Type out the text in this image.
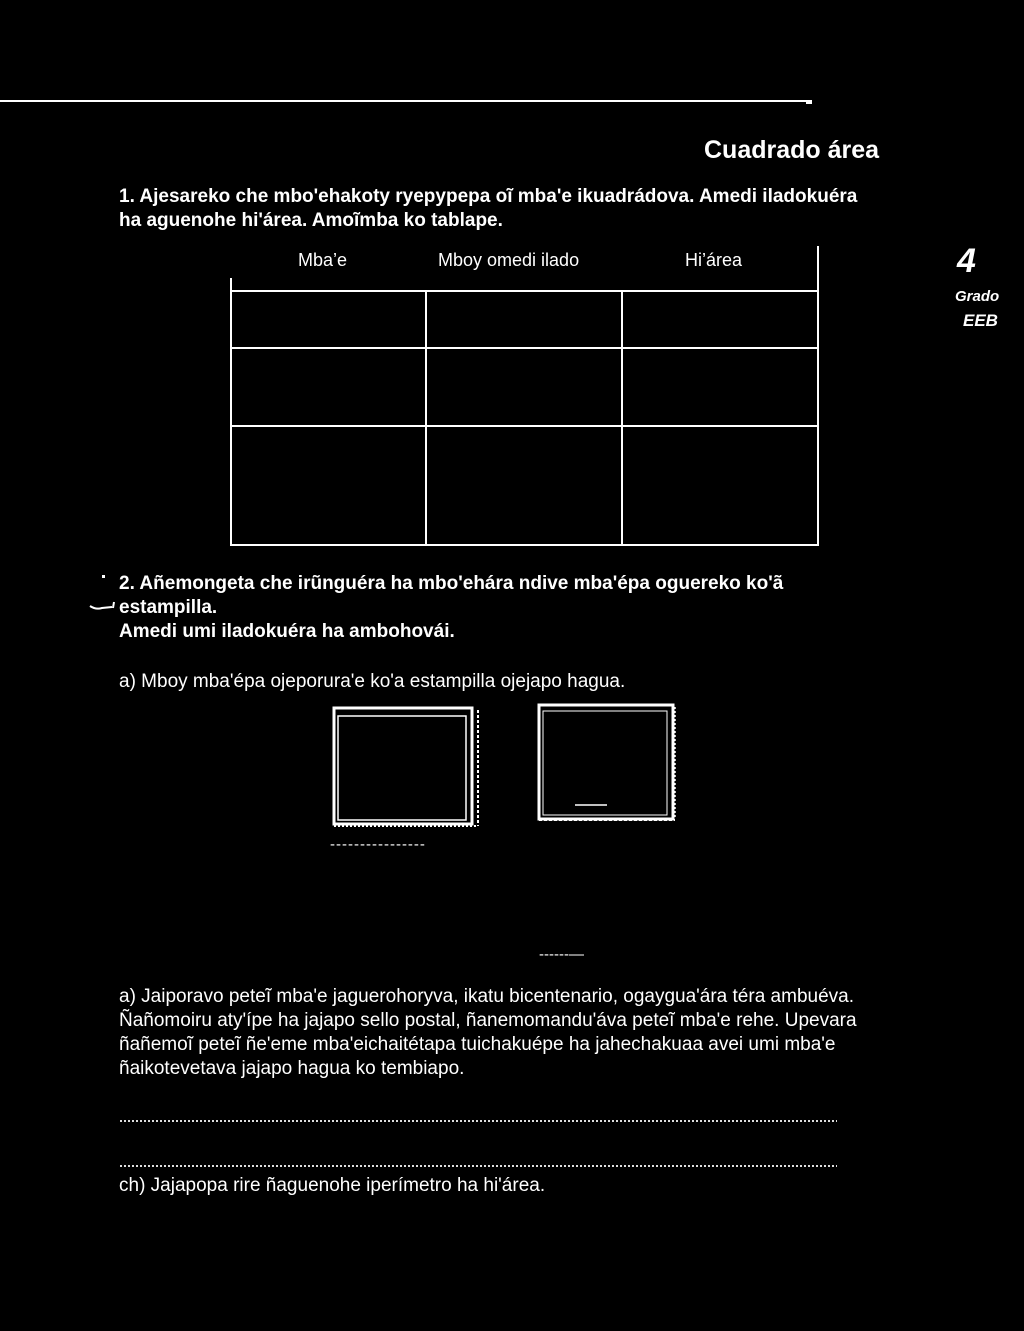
Cuadrado área
1. Ajesareko che mbo'ehakoty ryepypepa oĩ mba'e ikuadrádova. Amedi iladokuéra ha aguenohe hi'área. Amoĩmba ko tablape.
4
Grado
EEB
Mba’e	Mboy omedi ilado	Hi’área
2. Añemongeta che irũnguéra ha mbo'ehára ndive mba'épa oguereko ko'ã
estampilla.
Amedi umi iladokuéra ha ambohovái.
a) Mboy mba'épa ojeporura'e ko'a estampilla ojejapo hagua.
----------------
------—
a) Jaiporavo peteĩ mba'e jaguerohoryva, ikatu bicentenario, ogaygua'ára téra ambuéva. Ñañomoiru aty'ípe ha jajapo sello postal, ñanemomandu'áva peteĩ mba'e rehe. Upevara ñañemoĩ peteĩ ñe'eme mba'eichaitétapa tuichakuépe ha jahechakuaa avei umi mba'e ñaikotevetava jajapo hagua ko tembiapo.
ch) Jajapopa rire ñaguenohe iperímetro ha hi'área.
